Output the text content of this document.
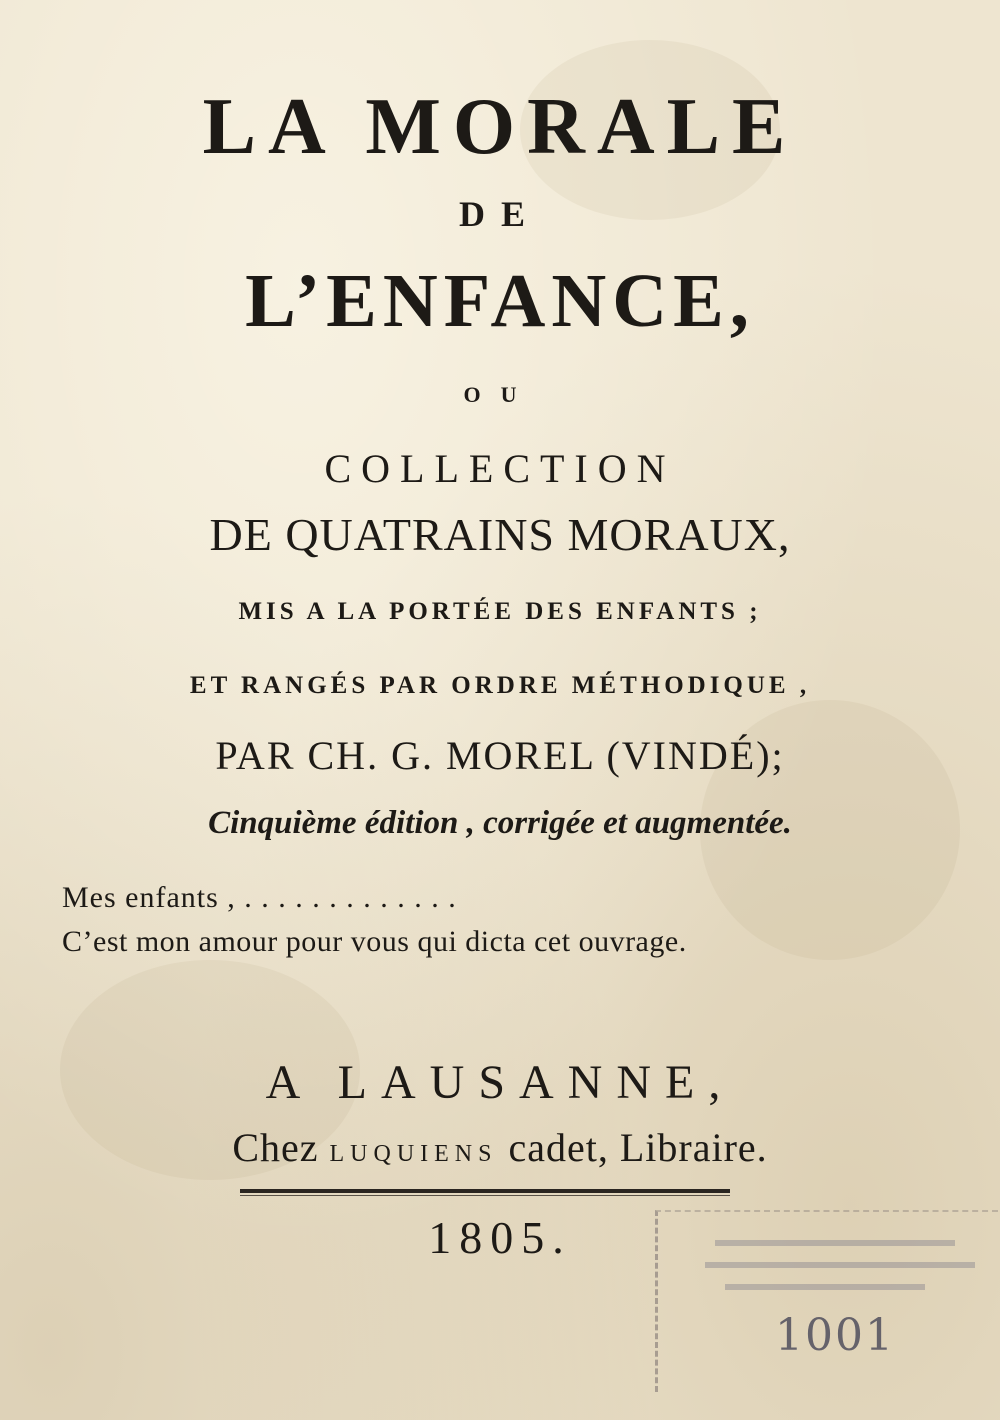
LA MORALE
DE
L’ENFANCE,
OU
COLLECTION
DE QUATRAINS MORAUX,
MIS A LA PORTÉE DES ENFANTS ;
ET RANGÉS PAR ORDRE MÉTHODIQUE ,
PAR CH. G. MOREL (VINDÉ);
Cinquième édition , corrigée et augmentée.
Mes enfants , . . . . . . . . . . . . .
C’est mon amour pour vous qui dicta cet ouvrage.
A LAUSANNE,
Chez LUQUIENS cadet, Libraire.
1805.
1001
